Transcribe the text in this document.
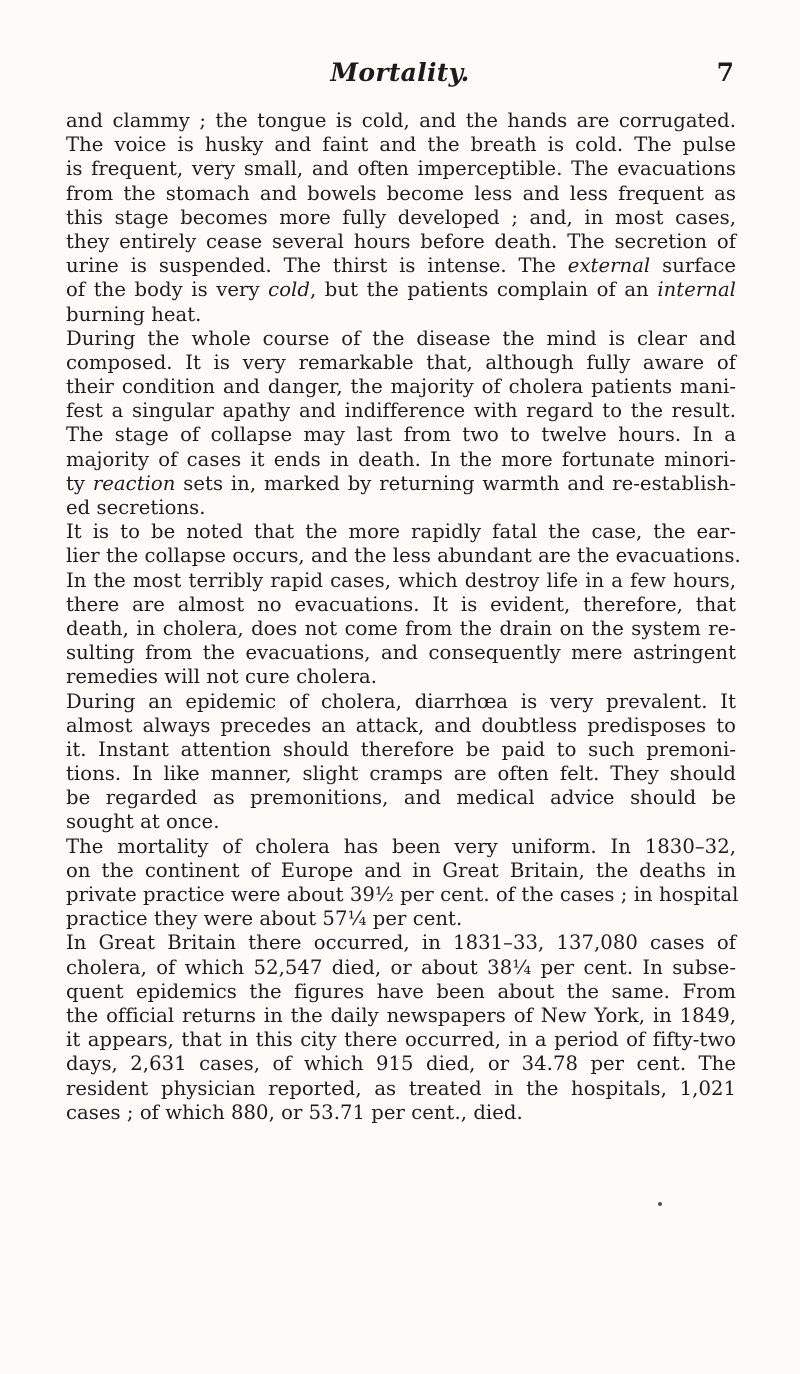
Mortality.	7
and clammy ; the tongue is cold, and the hands are corrugated.
The voice is husky and faint and the breath is cold. The pulse
is frequent, very small, and often imperceptible. The evacuations
from the stomach and bowels become less and less frequent as
this stage becomes more fully developed ; and, in most cases,
they entirely cease several hours before death. The secretion of
urine is suspended. The thirst is intense. The external surface
of the body is very cold, but the patients complain of an internal
burning heat.
During the whole course of the disease the mind is clear and
composed. It is very remarkable that, although fully aware of
their condition and danger, the majority of cholera patients mani-
fest a singular apathy and indifference with regard to the result.
The stage of collapse may last from two to twelve hours. In a
majority of cases it ends in death. In the more fortunate minori-
ty reaction sets in, marked by returning warmth and re-establish-
ed secretions.
It is to be noted that the more rapidly fatal the case, the ear-
lier the collapse occurs, and the less abundant are the evacuations.
In the most terribly rapid cases, which destroy life in a few hours,
there are almost no evacuations. It is evident, therefore, that
death, in cholera, does not come from the drain on the system re-
sulting from the evacuations, and consequently mere astringent
remedies will not cure cholera.
During an epidemic of cholera, diarrhœa is very prevalent. It
almost always precedes an attack, and doubtless predisposes to
it. Instant attention should therefore be paid to such premoni-
tions. In like manner, slight cramps are often felt. They should
be regarded as premonitions, and medical advice should be
sought at once.
The mortality of cholera has been very uniform. In 1830–32,
on the continent of Europe and in Great Britain, the deaths in
private practice were about 39½ per cent. of the cases ; in hospital
practice they were about 57¼ per cent.
In Great Britain there occurred, in 1831–33, 137,080 cases of
cholera, of which 52,547 died, or about 38¼ per cent. In subse-
quent epidemics the figures have been about the same. From
the official returns in the daily newspapers of New York, in 1849,
it appears, that in this city there occurred, in a period of fifty-two
days, 2,631 cases, of which 915 died, or 34.78 per cent. The
resident physician reported, as treated in the hospitals, 1,021
cases ; of which 880, or 53.71 per cent., died.
